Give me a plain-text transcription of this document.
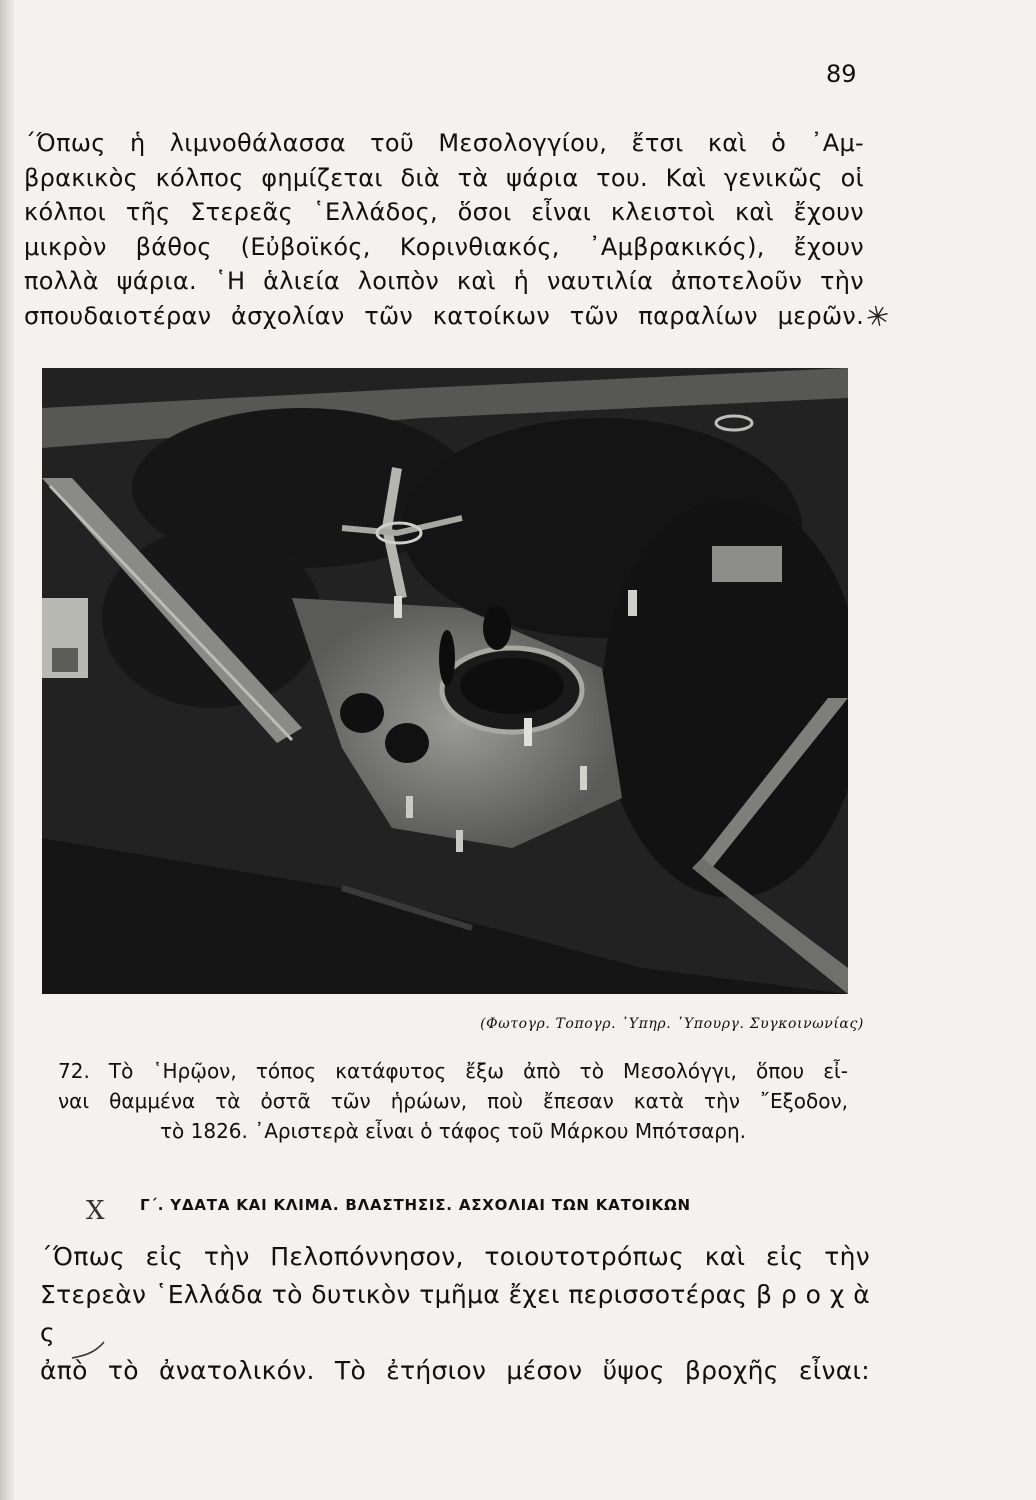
89
΄Όπως ἡ λιμνοθάλασσα τοῦ Μεσολογγίου, ἔτσι καὶ ὁ ᾿Αμ-
βρακικὸς κόλπος φημίζεται διὰ τὰ ψάρια του. Καὶ γενικῶς οἱ
κόλποι τῆς Στερεᾶς ῾Ελλάδος, ὅσοι εἶναι κλειστοὶ καὶ ἔχουν
μικρὸν βάθος (Εὐβοϊκός, Κορινθιακός, ᾿Αμβρακικός), ἔχουν
πολλὰ ψάρια. ῾Η ἁλιεία λοιπὸν καὶ ἡ ναυτιλία ἀποτελοῦν τὴν
σπουδαιοτέραν ἀσχολίαν τῶν κατοίκων τῶν παραλίων μερῶν.
✳
(Φωτογρ. Τοπογρ. ῾Υπηρ. ῾Υπουργ. Συγκοινωνίας)
72. Τὸ ῾Ηρῷον, τόπος κατάφυτος ἔξω ἀπὸ τὸ Μεσολόγγι, ὅπου εἶ-
ναι θαμμένα τὰ ὀστᾶ τῶν ἡρώων, ποὺ ἔπεσαν κατὰ τὴν ῎Εξοδον,
τὸ 1826. ᾿Αριστερὰ εἶναι ὁ τάφος τοῦ Μάρκου Μπότσαρη.
X Γ΄. ΥΔΑΤΑ ΚΑΙ ΚΛΙΜΑ. ΒΛΑΣΤΗΣΙΣ. ΑΣΧΟΛΙΑΙ ΤΩΝ ΚΑΤΟΙΚΩΝ
΄Όπως εἰς τὴν Πελοπόννησον, τοιουτοτρόπως καὶ εἰς τὴν
Στερεὰν ῾Ελλάδα τὸ δυτικὸν τμῆμα ἔχει περισσοτέρας β ρ ο χ ὰ ς
ἀπὸ τὸ ἀνατολικόν. Τὸ ἐτήσιον μέσον ὕψος βροχῆς εἶναι:
